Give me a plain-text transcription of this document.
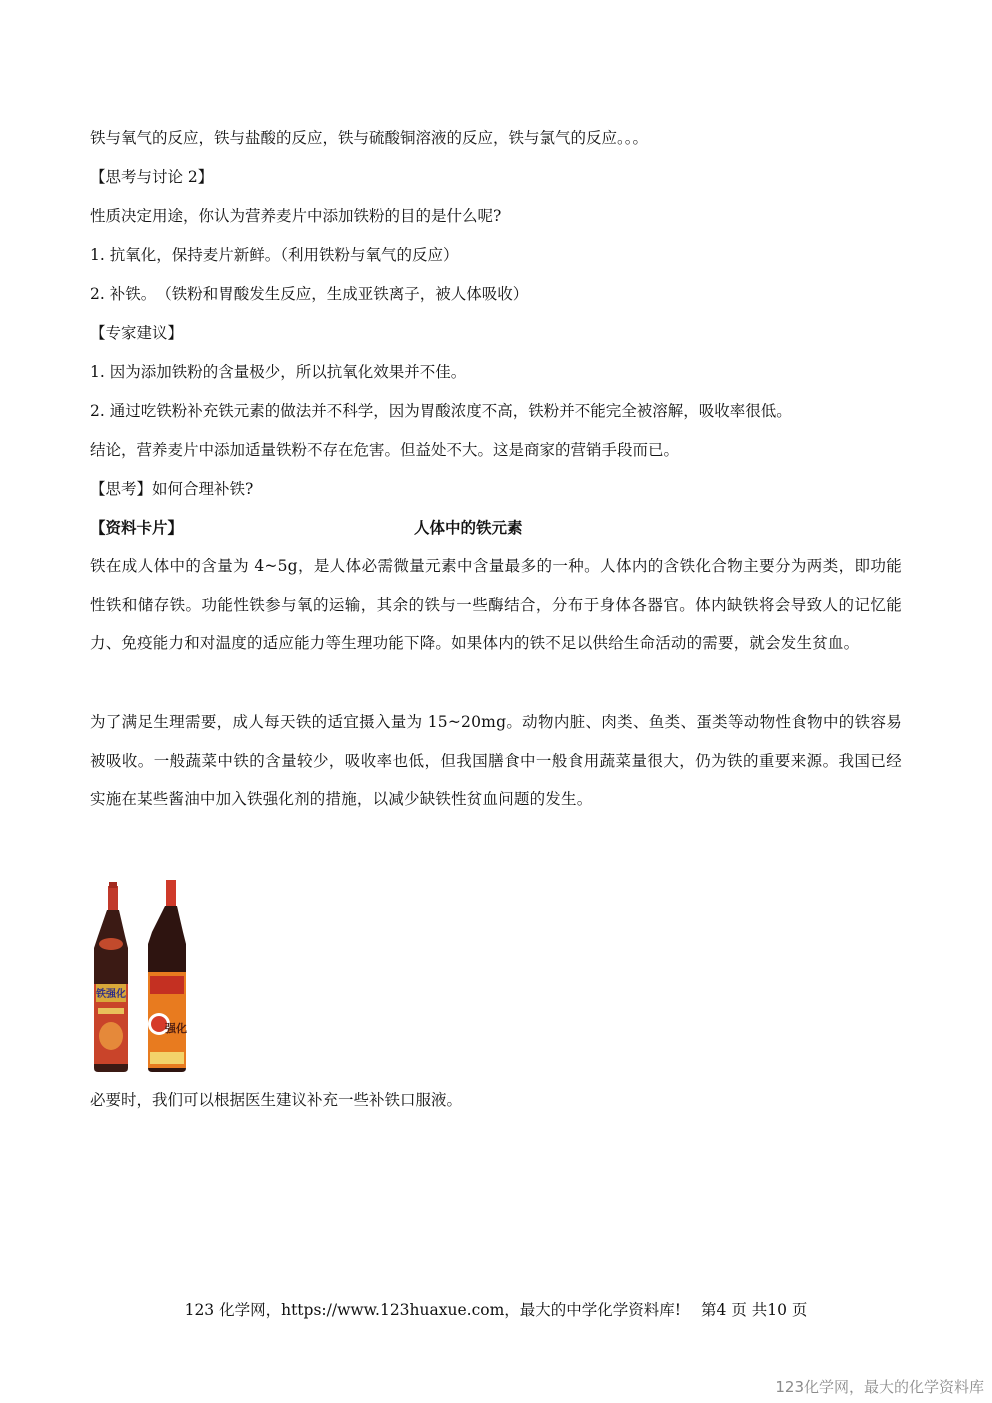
铁与氧气的反应，铁与盐酸的反应，铁与硫酸铜溶液的反应，铁与氯气的反应。。。
【思考与讨论 2】
性质决定用途，你认为营养麦片中添加铁粉的目的是什么呢?
1. 抗氧化，保持麦片新鲜。（利用铁粉与氧气的反应）
2. 补铁。　（铁粉和胃酸发生反应，生成亚铁离子，被人体吸收）
【专家建议】
1. 因为添加铁粉的含量极少，所以抗氧化效果并不佳。
2. 通过吃铁粉补充铁元素的做法并不科学，因为胃酸浓度不高，铁粉并不能完全被溶解，吸收率很低。
结论，营养麦片中添加适量铁粉不存在危害。但益处不大。这是商家的营销手段而已。
【思考】如何合理补铁?
【资料卡片】	人体中的铁元素
铁在成人体中的含量为 4~5g，是人体必需微量元素中含量最多的一种。人体内的含铁化合物主要分为两类，即功能性铁和储存铁。功能性铁参与氧的运输，其余的铁与一些酶结合，分布于身体各器官。体内缺铁将会导致人的记忆能力、免疫能力和对温度的适应能力等生理功能下降。如果体内的铁不足以供给生命活动的需要，就会发生贫血。
为了满足生理需要，成人每天铁的适宜摄入量为 15~20mg。动物内脏、肉类、鱼类、蛋类等动物性食物中的铁容易被吸收。一般蔬菜中铁的含量较少，吸收率也低，但我国膳食中一般食用蔬菜量很大，仍为铁的重要来源。我国已经实施在某些酱油中加入铁强化剂的措施，以减少缺铁性贫血问题的发生。
铁强化
强化
必要时，我们可以根据医生建议补充一些补铁口服液。
123 化学网，https://www.123huaxue.com，最大的中学化学资料库! 第4 页 共10 页
123化学网，最大的化学资料库
